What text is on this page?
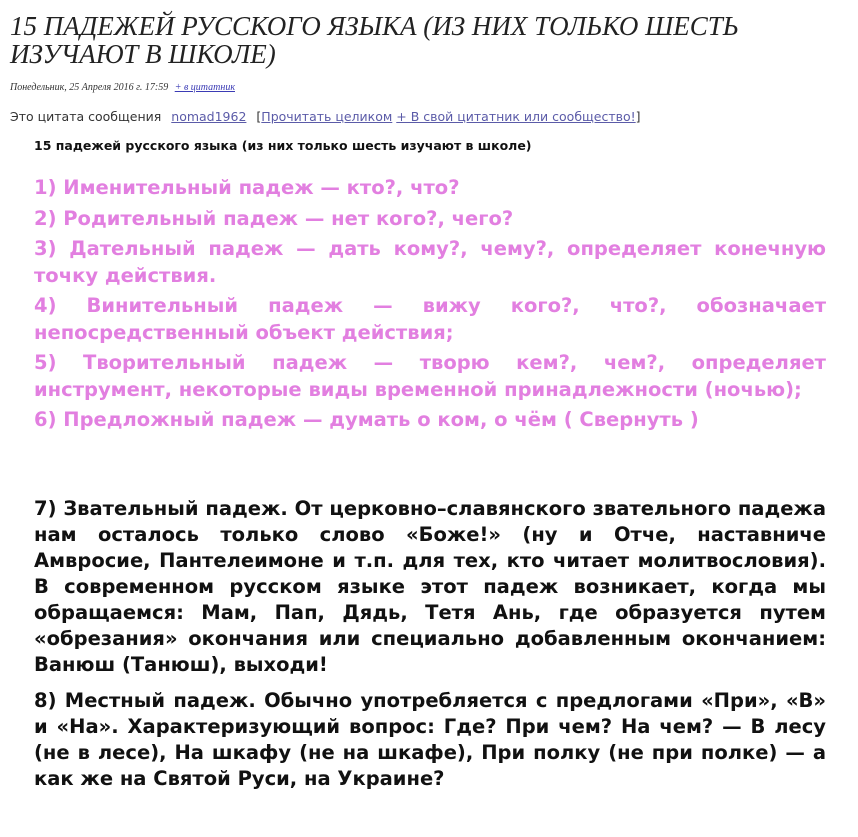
15 ПАДЕЖЕЙ РУССКОГО ЯЗЫКА (ИЗ НИХ ТОЛЬКО ШЕСТЬ ИЗУЧАЮТ В ШКОЛЕ)
Понедельник, 25 Апреля 2016 г. 17:59 + в цитатник
Это цитата сообщения nomad1962 [Прочитать целиком + В свой цитатник или сообщество!]
15 падежей русского языка (из них только шесть изучают в школе)

1) Именительный падеж — кто?, что?

2) Родительный падеж — нет кого?, чего?

3) Дательный падеж — дать кому?, чему?, определяет конечную точку действия.

4) Винительный падеж — вижу кого?, что?, обозначает непосредственный объект действия;

5) Творительный падеж — творю кем?, чем?, определяет инструмент, некоторые виды временной принадлежности (ночью);

6) Предложный падеж — думать о ком, о чём ( Свернуть )

7) Звательный падеж. От церковно–славянского звательного падежа нам осталось только слово «Боже!» (ну и Отче, наставниче Амвросие, Пантелеимоне и т.п. для тех, кто читает молитвословия). В современном русском языке этот падеж возникает, когда мы обращаемся: Мам, Пап, Дядь, Тетя Ань, где образуется путем «обрезания» окончания или специально добавленным окончанием: Ванюш (Танюш), выходи!

8) Местный падеж. Обычно употребляется с предлогами «При», «В» и «На». Характеризующий вопрос: Где? При чем? На чем? — В лесу (не в лесе), На шкафу (не на шкафе), При полку (не при полке) — а как же на Святой Руси, на Украине?
